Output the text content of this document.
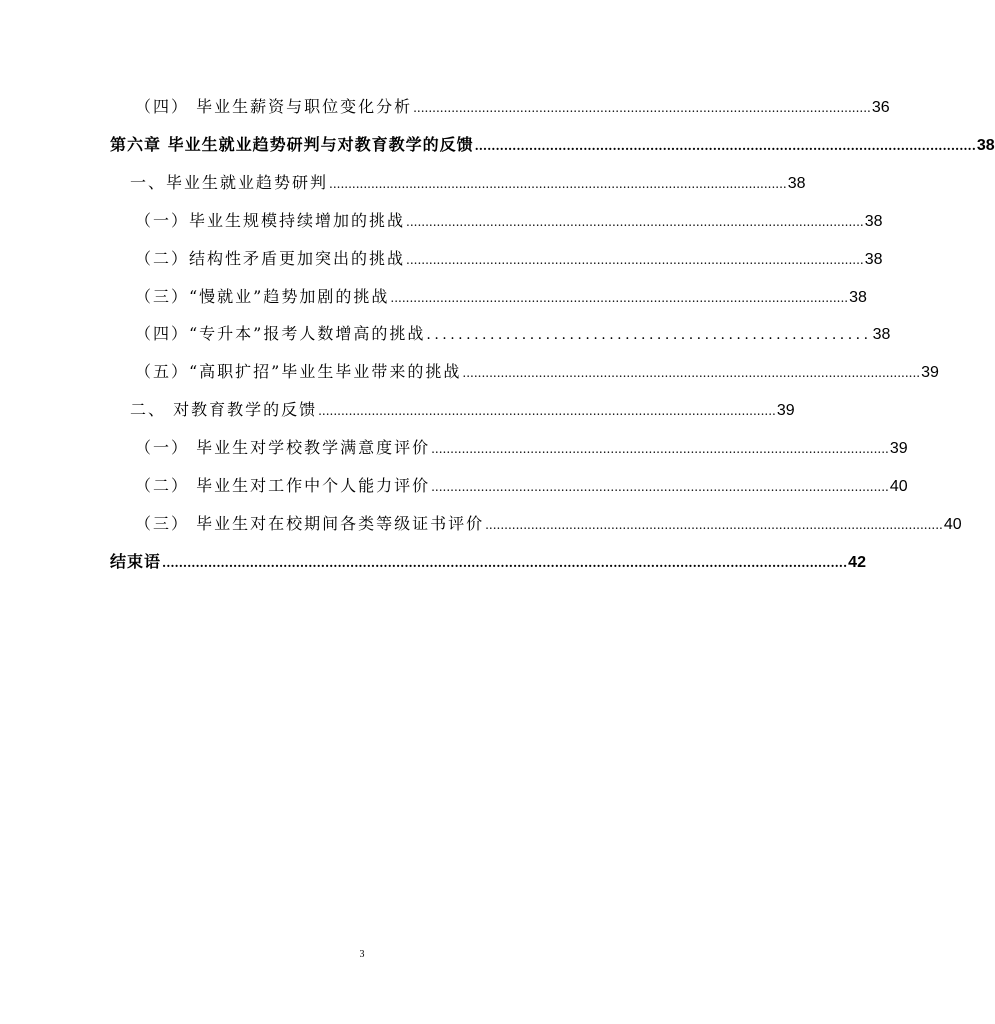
（四） 毕业生薪资与职位变化分析 ........................................................................................................................ 36
第六章 毕业生就业趋势研判与对教育教学的反馈 ........................................................................................................................ 38
一、毕业生就业趋势研判 ........................................................................................................................ 38
（一）毕业生规模持续增加的挑战 ........................................................................................................................ 38
（二）结构性矛盾更加突出的挑战 ........................................................................................................................ 38
（三）“慢就业”趋势加剧的挑战 ........................................................................................................................ 38
（四）“专升本”报考人数增高的挑战 ........................................................ 38
（五）“高职扩招”毕业生毕业带来的挑战 ........................................................................................................................ 39
二、 对教育教学的反馈 ........................................................................................................................ 39
（一） 毕业生对学校教学满意度评价 ........................................................................................................................ 39
（二） 毕业生对工作中个人能力评价 ........................................................................................................................ 40
（三） 毕业生对在校期间各类等级证书评价 ........................................................................................................................ 40
结束语 .................................................................................................................................................................... 42
3
